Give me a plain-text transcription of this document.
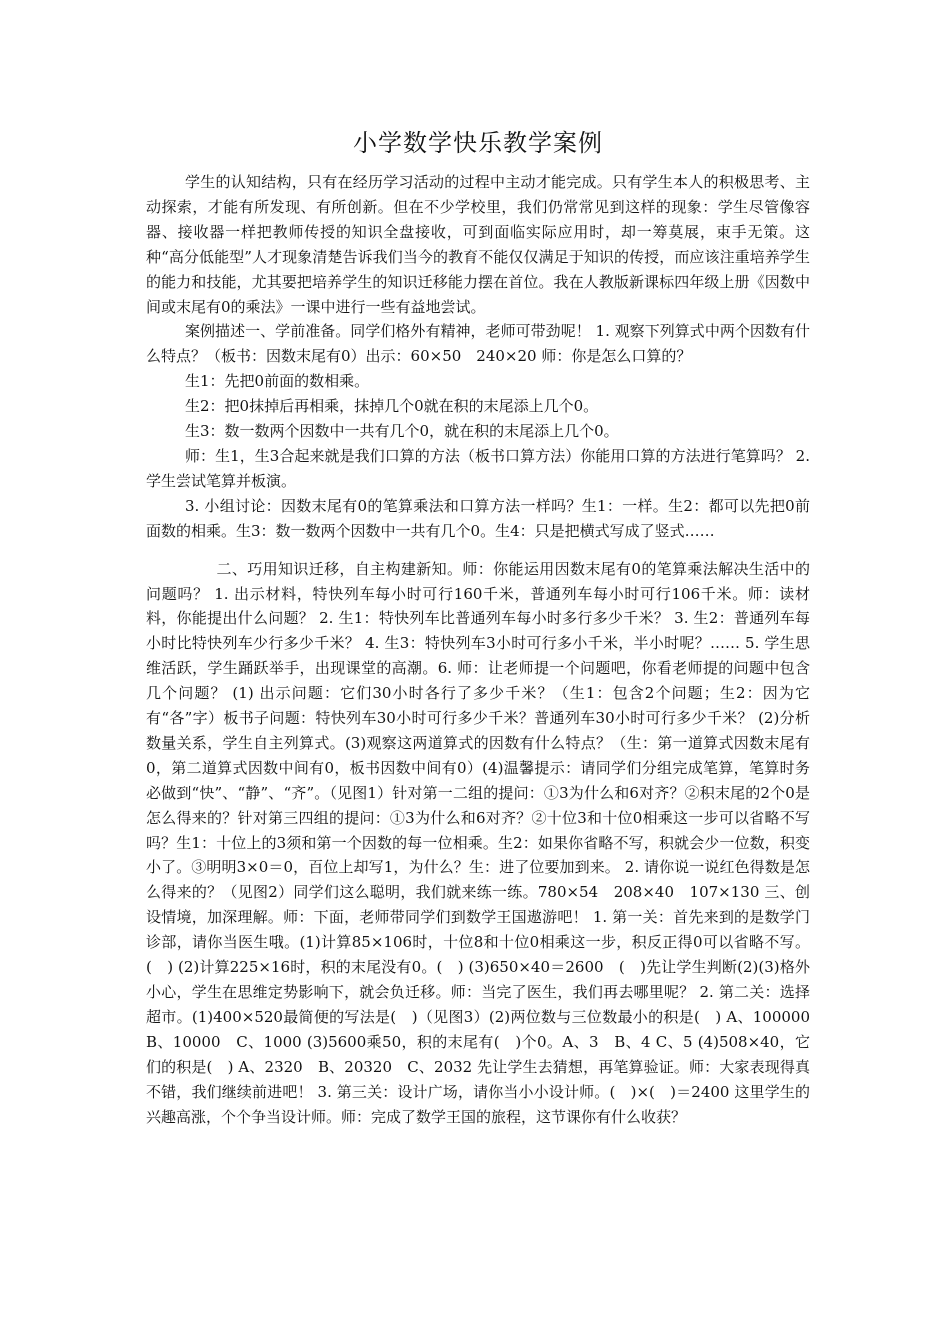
小学数学快乐教学案例

学生的认知结构，只有在经历学习活动的过程中主动才能完成。只有学生本人的积极思考、主动探索，才能有所发现、有所创新。但在不少学校里，我们仍常常见到这样的现象：学生尽管像容器、接收器一样把教师传授的知识全盘接收，可到面临实际应用时，却一筹莫展，束手无策。这种“高分低能型”人才现象清楚告诉我们当今的教育不能仅仅满足于知识的传授，而应该注重培养学生的能力和技能，尤其要把培养学生的知识迁移能力摆在首位。我在人教版新课标四年级上册《因数中间或末尾有0的乘法》一课中进行一些有益地尝试。

案例描述一、学前准备。同学们格外有精神，老师可带劲呢！ 1. 观察下列算式中两个因数有什么特点？（板书：因数末尾有0）出示：60×50　240×20 师：你是怎么口算的？

生1：先把0前面的数相乘。

生2：把0抹掉后再相乘，抹掉几个0就在积的末尾添上几个0。

生3：数一数两个因数中一共有几个0，就在积的末尾添上几个0。

师：生1，生3合起来就是我们口算的方法（板书口算方法）你能用口算的方法进行笔算吗？ 2. 学生尝试笔算并板演。

3. 小组讨论：因数末尾有0的笔算乘法和口算方法一样吗？生1：一样。生2：都可以先把0前面数的相乘。生3：数一数两个因数中一共有几个0。生4：只是把横式写成了竖式……

二、巧用知识迁移，自主构建新知。师：你能运用因数末尾有0的笔算乘法解决生活中的问题吗？ 1. 出示材料，特快列车每小时可行160千米，普通列车每小时可行106千米。师：读材料，你能提出什么问题？ 2. 生1：特快列车比普通列车每小时多行多少千米？ 3. 生2：普通列车每小时比特快列车少行多少千米？ 4. 生3：特快列车3小时可行多小千米，半小时呢？…… 5. 学生思维活跃，学生踊跃举手，出现课堂的高潮。6. 师：让老师提一个问题吧，你看老师提的问题中包含几个问题？ (1) 出示问题：它们30小时各行了多少千米？（生1：包含2个问题；生2：因为它有“各”字）板书子问题：特快列车30小时可行多少千米？普通列车30小时可行多少千米？ (2)分析数量关系，学生自主列算式。(3)观察这两道算式的因数有什么特点？（生：第一道算式因数末尾有0，第二道算式因数中间有0，板书因数中间有0）(4)温馨提示：请同学们分组完成笔算，笔算时务必做到“快”、“静”、“齐”。（见图1）针对第一二组的提问：①3为什么和6对齐？②积末尾的2个0是怎么得来的？针对第三四组的提问：①3为什么和6对齐？②十位3和十位0相乘这一步可以省略不写吗？生1：十位上的3须和第一个因数的每一位相乘。生2：如果你省略不写，积就会少一位数，积变小了。③明明3×0＝0，百位上却写1，为什么？生：进了位要加到来。 2. 请你说一说红色得数是怎么得来的？（见图2）同学们这么聪明，我们就来练一练。780×54　208×40　107×130 三、创设情境，加深理解。师：下面，老师带同学们到数学王国遨游吧！ 1. 第一关：首先来到的是数学门诊部，请你当医生哦。(1)计算85×106时，十位8和十位0相乘这一步，积反正得0可以省略不写。(　) (2)计算225×16时，积的末尾没有0。(　) (3)650×40＝2600　(　)先让学生判断(2)(3)格外小心，学生在思维定势影响下，就会负迁移。师：当完了医生，我们再去哪里呢？ 2. 第二关：选择超市。(1)400×520最简便的写法是(　)（见图3）(2)两位数与三位数最小的积是(　) A、100000　B、10000　C、1000 (3)5600乘50，积的末尾有(　)个0。A、3　B、4 C、5 (4)508×40，它们的积是(　) A、2320　B、20320　C、2032 先让学生去猜想，再笔算验证。师：大家表现得真不错，我们继续前进吧！ 3. 第三关：设计广场，请你当小小设计师。(　)×(　)＝2400 这里学生的兴趣高涨，个个争当设计师。师：完成了数学王国的旅程，这节课你有什么收获？
